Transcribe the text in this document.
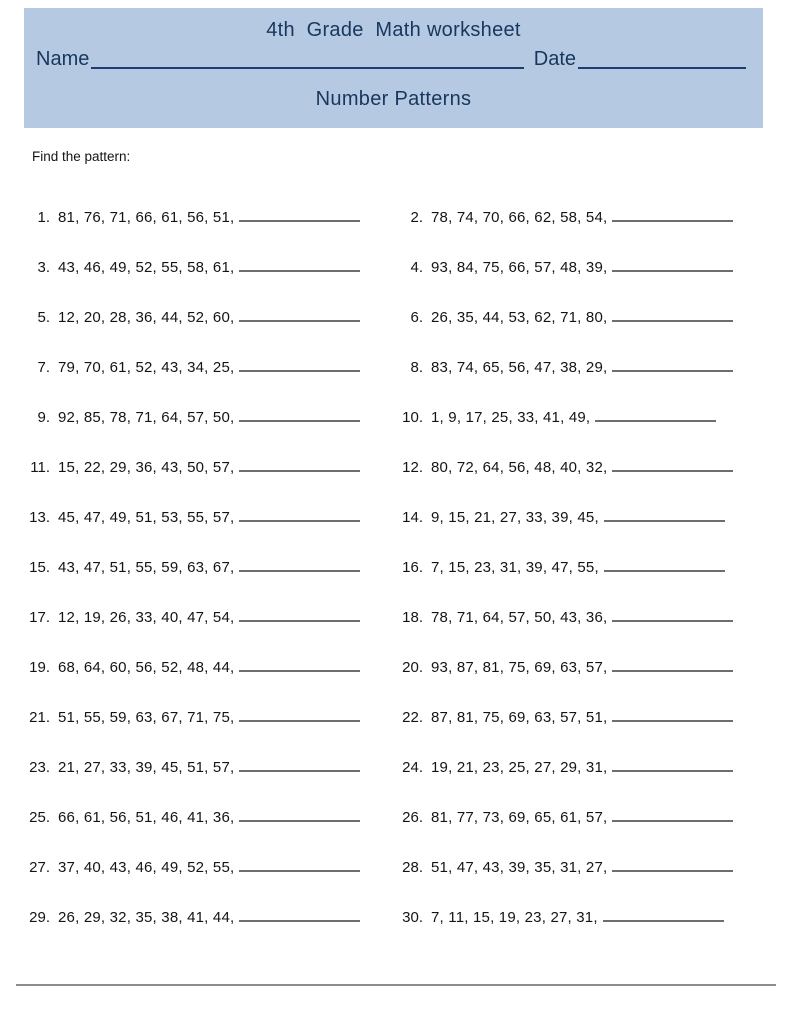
4th  Grade  Math worksheet
Name	Date
Number Patterns
Find the pattern:
1. 81, 76, 71, 66, 61, 56, 51,	2. 78, 74, 70, 66, 62, 58, 54,
3. 43, 46, 49, 52, 55, 58, 61,	4. 93, 84, 75, 66, 57, 48, 39,
5. 12, 20, 28, 36, 44, 52, 60,	6. 26, 35, 44, 53, 62, 71, 80,
7. 79, 70, 61, 52, 43, 34, 25,	8. 83, 74, 65, 56, 47, 38, 29,
9. 92, 85, 78, 71, 64, 57, 50,	10. 1, 9, 17, 25, 33, 41, 49,
11. 15, 22, 29, 36, 43, 50, 57,	12. 80, 72, 64, 56, 48, 40, 32,
13. 45, 47, 49, 51, 53, 55, 57,	14. 9, 15, 21, 27, 33, 39, 45,
15. 43, 47, 51, 55, 59, 63, 67,	16. 7, 15, 23, 31, 39, 47, 55,
17. 12, 19, 26, 33, 40, 47, 54,	18. 78, 71, 64, 57, 50, 43, 36,
19. 68, 64, 60, 56, 52, 48, 44,	20. 93, 87, 81, 75, 69, 63, 57,
21. 51, 55, 59, 63, 67, 71, 75,	22. 87, 81, 75, 69, 63, 57, 51,
23. 21, 27, 33, 39, 45, 51, 57,	24. 19, 21, 23, 25, 27, 29, 31,
25. 66, 61, 56, 51, 46, 41, 36,	26. 81, 77, 73, 69, 65, 61, 57,
27. 37, 40, 43, 46, 49, 52, 55,	28. 51, 47, 43, 39, 35, 31, 27,
29. 26, 29, 32, 35, 38, 41, 44,	30. 7, 11, 15, 19, 23, 27, 31,
